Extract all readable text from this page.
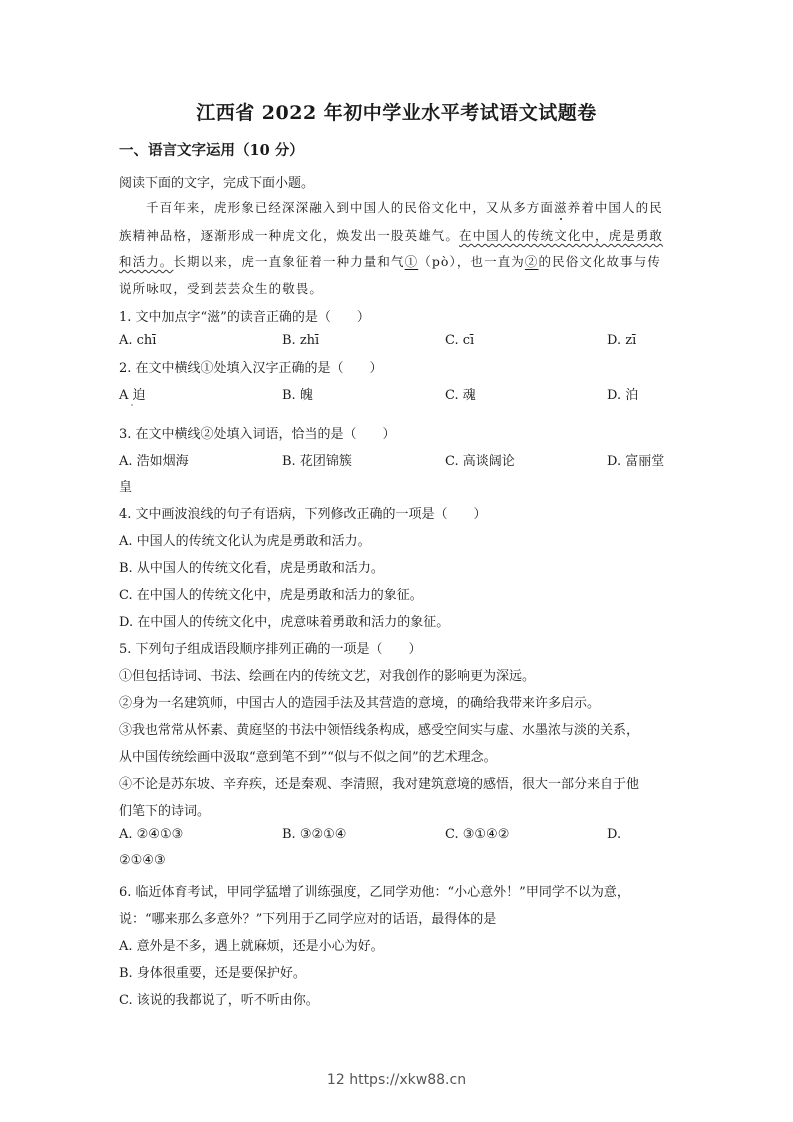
江西省 2022 年初中学业水平考试语文试题卷
一、语言文字运用（10 分）
阅读下面的文字，完成下面小题。
千百年来，虎形象已经深深融入到中国人的民俗文化中，又从多方面滋养着中国人的民
族精神品格，逐渐形成一种虎文化，焕发出一股英雄气。在中国人的传统文化中，虎是勇敢
和活力。长期以来，虎一直象征着一种力量和气①（pò），也一直为②的民俗文化故事与传
说所咏叹，受到芸芸众生的敬畏。
1. 文中加点字“滋”的读音正确的是（　　）
A. chī	B. zhī	C. cī	D. zī
2. 在文中横线①处填入汉字正确的是（　　）
A 迫	B. 魄	C. 魂	D. 泊
3. 在文中横线②处填入词语，恰当的是（　　）
A. 浩如烟海	B. 花团锦簇	C. 高谈阔论	D. 富丽堂
皇
4. 文中画波浪线的句子有语病，下列修改正确的一项是（　　）
A. 中国人的传统文化认为虎是勇敢和活力。
B. 从中国人的传统文化看，虎是勇敢和活力。
C. 在中国人的传统文化中，虎是勇敢和活力的象征。
D. 在中国人的传统文化中，虎意味着勇敢和活力的象征。
5. 下列句子组成语段顺序排列正确的一项是（　　）
①但包括诗词、书法、绘画在内的传统文艺，对我创作的影响更为深远。
②身为一名建筑师，中国古人的造园手法及其营造的意境，的确给我带来许多启示。
③我也常常从怀素、黄庭坚的书法中领悟线条构成，感受空间实与虚、水墨浓与淡的关系，
从中国传统绘画中汲取“意到笔不到”“似与不似之间”的艺术理念。
④不论是苏东坡、辛弃疾，还是秦观、李清照，我对建筑意境的感悟，很大一部分来自于他
们笔下的诗词。
A. ②④①③	B. ③②①④	C. ③①④②	D.
②①④③
6. 临近体育考试，甲同学猛增了训练强度，乙同学劝他：“小心意外！”甲同学不以为意，
说：“哪来那么多意外？”下列用于乙同学应对的话语，最得体的是
A. 意外是不多，遇上就麻烦，还是小心为好。
B. 身体很重要，还是要保护好。
C. 该说的我都说了，听不听由你。
12 https://xkw88.cn
